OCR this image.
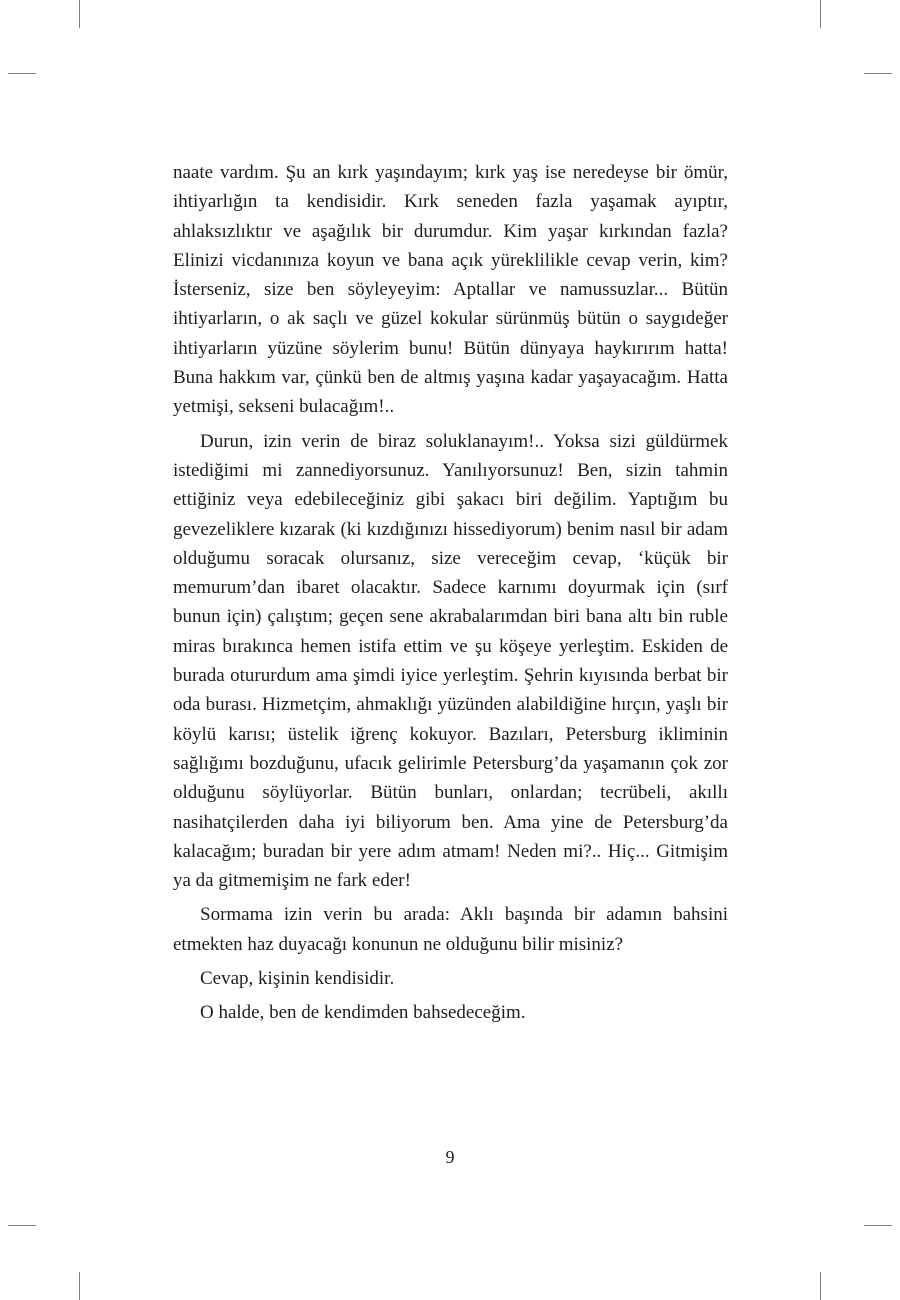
naate vardım. Şu an kırk yaşındayım; kırk yaş ise neredeyse bir ömür, ihtiyarlığın ta kendisidir. Kırk seneden fazla yaşamak ayıptır, ahlaksızlıktır ve aşağılık bir durumdur. Kim yaşar kırkından fazla? Elinizi vicdanınıza koyun ve bana açık yüreklilikle cevap verin, kim? İsterseniz, size ben söyleyeyim: Aptallar ve namussuzlar... Bütün ihtiyarların, o ak saçlı ve güzel kokular sürünmüş bütün o saygıdeğer ihtiyarların yüzüne söylerim bunu! Bütün dünyaya haykırırım hatta! Buna hakkım var, çünkü ben de altmış yaşına kadar yaşayacağım. Hatta yetmişi, sekseni bulacağım!..

Durun, izin verin de biraz soluklanayım!.. Yoksa sizi güldürmek istediğimi mi zannediyorsunuz. Yanılıyorsunuz! Ben, sizin tahmin ettiğiniz veya edebileceğiniz gibi şakacı biri değilim. Yaptığım bu gevezeliklere kızarak (ki kızdığınızı hissediyorum) benim nasıl bir adam olduğumu soracak olursanız, size vereceğim cevap, ‘küçük bir memurum’dan ibaret olacaktır. Sadece karnımı doyurmak için (sırf bunun için) çalıştım; geçen sene akrabalarımdan biri bana altı bin ruble miras bırakınca hemen istifa ettim ve şu köşeye yerleştim. Eskiden de burada otururdum ama şimdi iyice yerleştim. Şehrin kıyısında berbat bir oda burası. Hizmetçim, ahmaklığı yüzünden alabildiğine hırçın, yaşlı bir köylü karısı; üstelik iğrenç kokuyor. Bazıları, Petersburg ikliminin sağlığımı bozduğunu, ufacık gelirimle Petersburg’da yaşamanın çok zor olduğunu söylüyorlar. Bütün bunları, onlardan; tecrübeli, akıllı nasihatçilerden daha iyi biliyorum ben. Ama yine de Petersburg’da kalacağım; buradan bir yere adım atmam! Neden mi?.. Hiç... Gitmişim ya da gitmemişim ne fark eder!

Sormama izin verin bu arada: Aklı başında bir adamın bahsini etmekten haz duyacağı konunun ne olduğunu bilir misiniz?

Cevap, kişinin kendisidir.

O halde, ben de kendimden bahsedeceğim.

9
